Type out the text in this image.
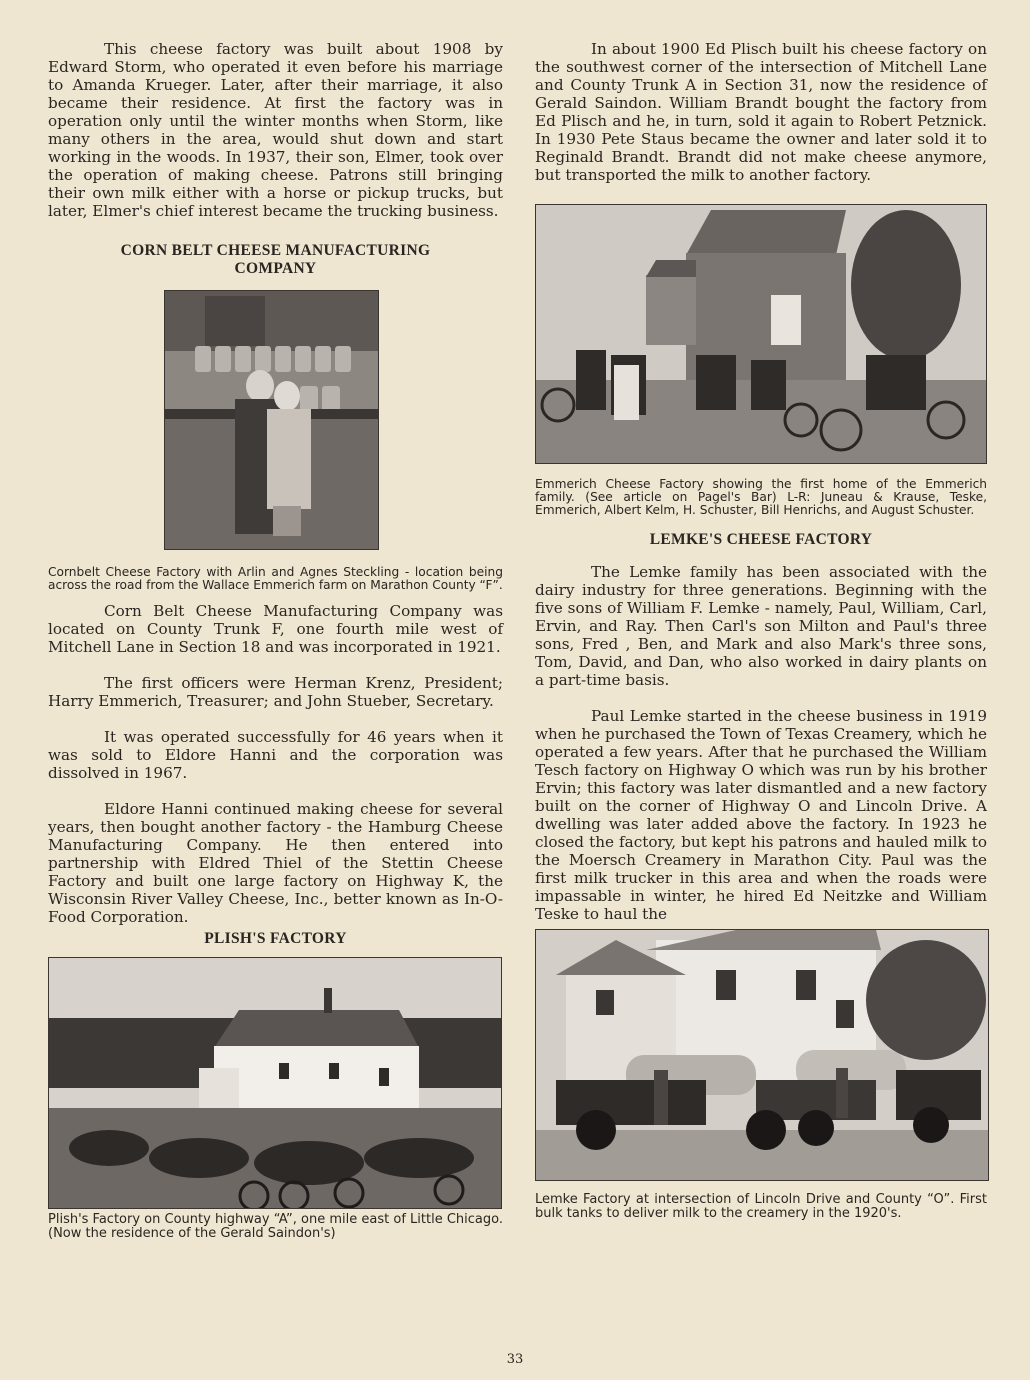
This cheese factory was built about 1908 by Edward Storm, who operated it even before his marriage to Amanda Krueger. Later, after their marriage, it also became their residence. At first the factory was in operation only until the winter months when Storm, like many others in the area, would shut down and start working in the woods. In 1937, their son, Elmer, took over the operation of making cheese. Patrons still bringing their own milk either with a horse or pickup trucks, but later, Elmer's chief interest became the trucking business.

CORN BELT CHEESE MANUFACTURING
COMPANY

Cornbelt Cheese Factory with Arlin and Agnes Steckling - location being across the road from the Wallace Emmerich farm on Marathon County “F”.

Corn Belt Cheese Manufacturing Company was located on County Trunk F, one fourth mile west of Mitchell Lane in Section 18 and was incorporated in 1921.

The first officers were Herman Krenz, President; Harry Emmerich, Treasurer; and John Stueber, Secretary.

It was operated successfully for 46 years when it was sold to Eldore Hanni and the corporation was dissolved in 1967.

Eldore Hanni continued making cheese for several years, then bought another factory - the Hamburg Cheese Manufacturing Company. He then entered into partnership with Eldred Thiel of the Stettin Cheese Factory and built one large factory on Highway K, the Wisconsin River Valley Cheese, Inc., better known as In-O-Food Corporation.

PLISH'S FACTORY

Plish's Factory on County highway “A”, one mile east of Little Chicago. (Now the residence of the Gerald Saindon's)

In about 1900 Ed Plisch built his cheese factory on the southwest corner of the intersection of Mitchell Lane and County Trunk A in Section 31, now the residence of Gerald Saindon. William Brandt bought the factory from Ed Plisch and he, in turn, sold it again to Robert Petznick. In 1930 Pete Staus became the owner and later sold it to Reginald Brandt. Brandt did not make cheese anymore, but transported the milk to another factory.

Emmerich Cheese Factory showing the first home of the Emmerich family. (See article on Pagel's Bar) L-R: Juneau & Krause, Teske, Emmerich, Albert Kelm, H. Schuster, Bill Henrichs, and August Schuster.

LEMKE'S CHEESE FACTORY

The Lemke family has been associated with the dairy industry for three generations. Beginning with the five sons of William F. Lemke - namely, Paul, William, Carl, Ervin, and Ray. Then Carl's son Milton and Paul's three sons, Fred , Ben, and Mark and also Mark's three sons, Tom, David, and Dan, who also worked in dairy plants on a part-time basis.

Paul Lemke started in the cheese business in 1919 when he purchased the Town of Texas Creamery, which he operated a few years. After that he purchased the William Tesch factory on Highway O which was run by his brother Ervin; this factory was later dismantled and a new factory built on the corner of Highway O and Lincoln Drive. A dwelling was later added above the factory. In 1923 he closed the factory, but kept his patrons and hauled milk to the Moersch Creamery in Marathon City. Paul was the first milk trucker in this area and when the roads were impassable in winter, he hired Ed Neitzke and William Teske to haul the

Lemke Factory at intersection of Lincoln Drive and County “O”. First bulk tanks to deliver milk to the creamery in the 1920's.

33
